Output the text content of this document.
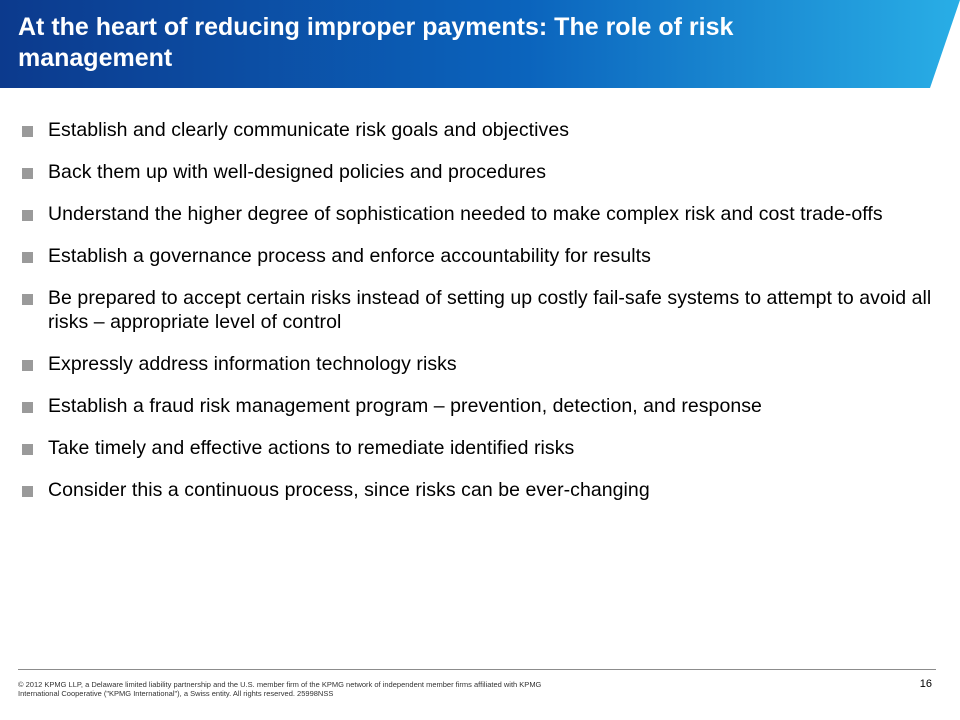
At the heart of reducing improper payments: The role of risk management
Establish and clearly communicate risk goals and objectives
Back them up with well-designed policies and procedures
Understand the higher degree of sophistication needed to make complex risk and cost trade-offs
Establish a governance process and enforce accountability for results
Be prepared to accept certain risks instead of setting up costly fail-safe systems to attempt to avoid all risks – appropriate level of control
Expressly address information technology risks
Establish a fraud risk management program – prevention, detection, and response
Take timely and effective actions to remediate identified risks
Consider this a continuous process, since risks can be ever-changing
© 2012 KPMG LLP, a Delaware limited liability partnership and the U.S. member firm of the KPMG network of independent member firms affiliated with KPMG International Cooperative ("KPMG International"), a Swiss entity. All rights reserved. 25998NSS
16
